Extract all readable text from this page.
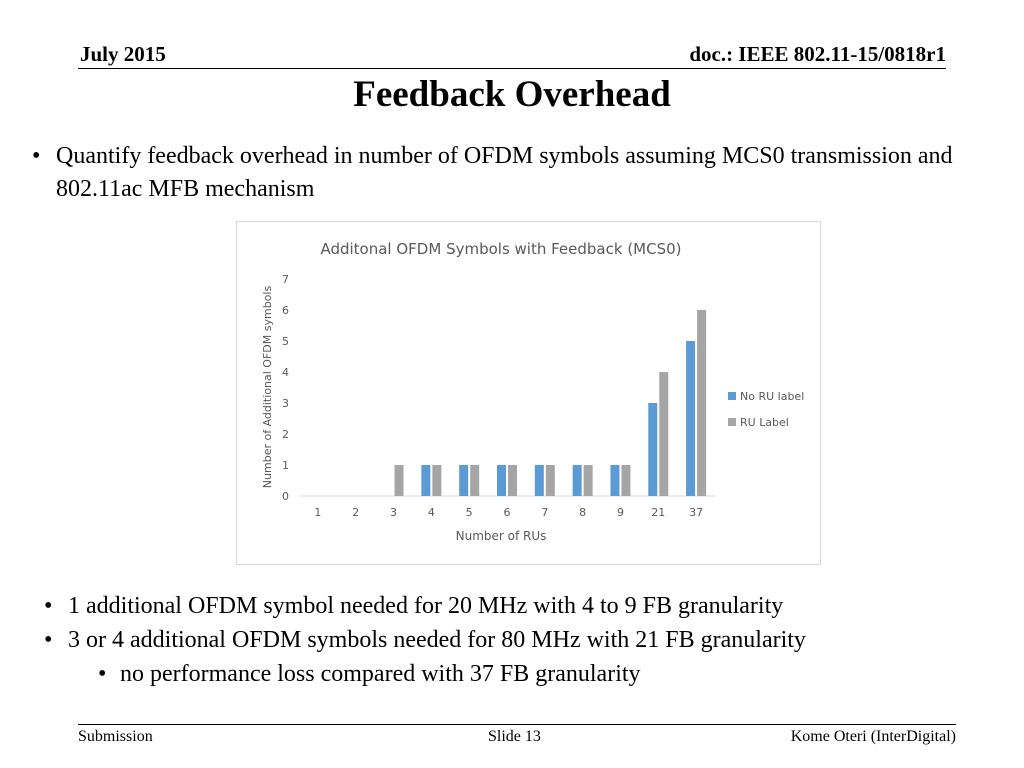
July 2015	doc.: IEEE 802.11-15/0818r1
Feedback Overhead
• Quantify feedback overhead in number of OFDM symbols assuming MCS0 transmission and 802.11ac MFB mechanism
Additonal OFDM Symbols with Feedback (MCS0)
Number of Additional OFDM symbols
Number of RUs
0
1
2
3
4
5
6
7
1	2	3	4	5	6	7	8	9 21 37
No RU label
RU Label
• 1 additional OFDM symbol needed for 20 MHz with 4 to 9 FB granularity
• 3 or 4 additional OFDM symbols needed for 80 MHz with 21 FB granularity
• no performance loss compared with 37 FB granularity
Submission	Slide 13	Kome Oteri (InterDigital)
